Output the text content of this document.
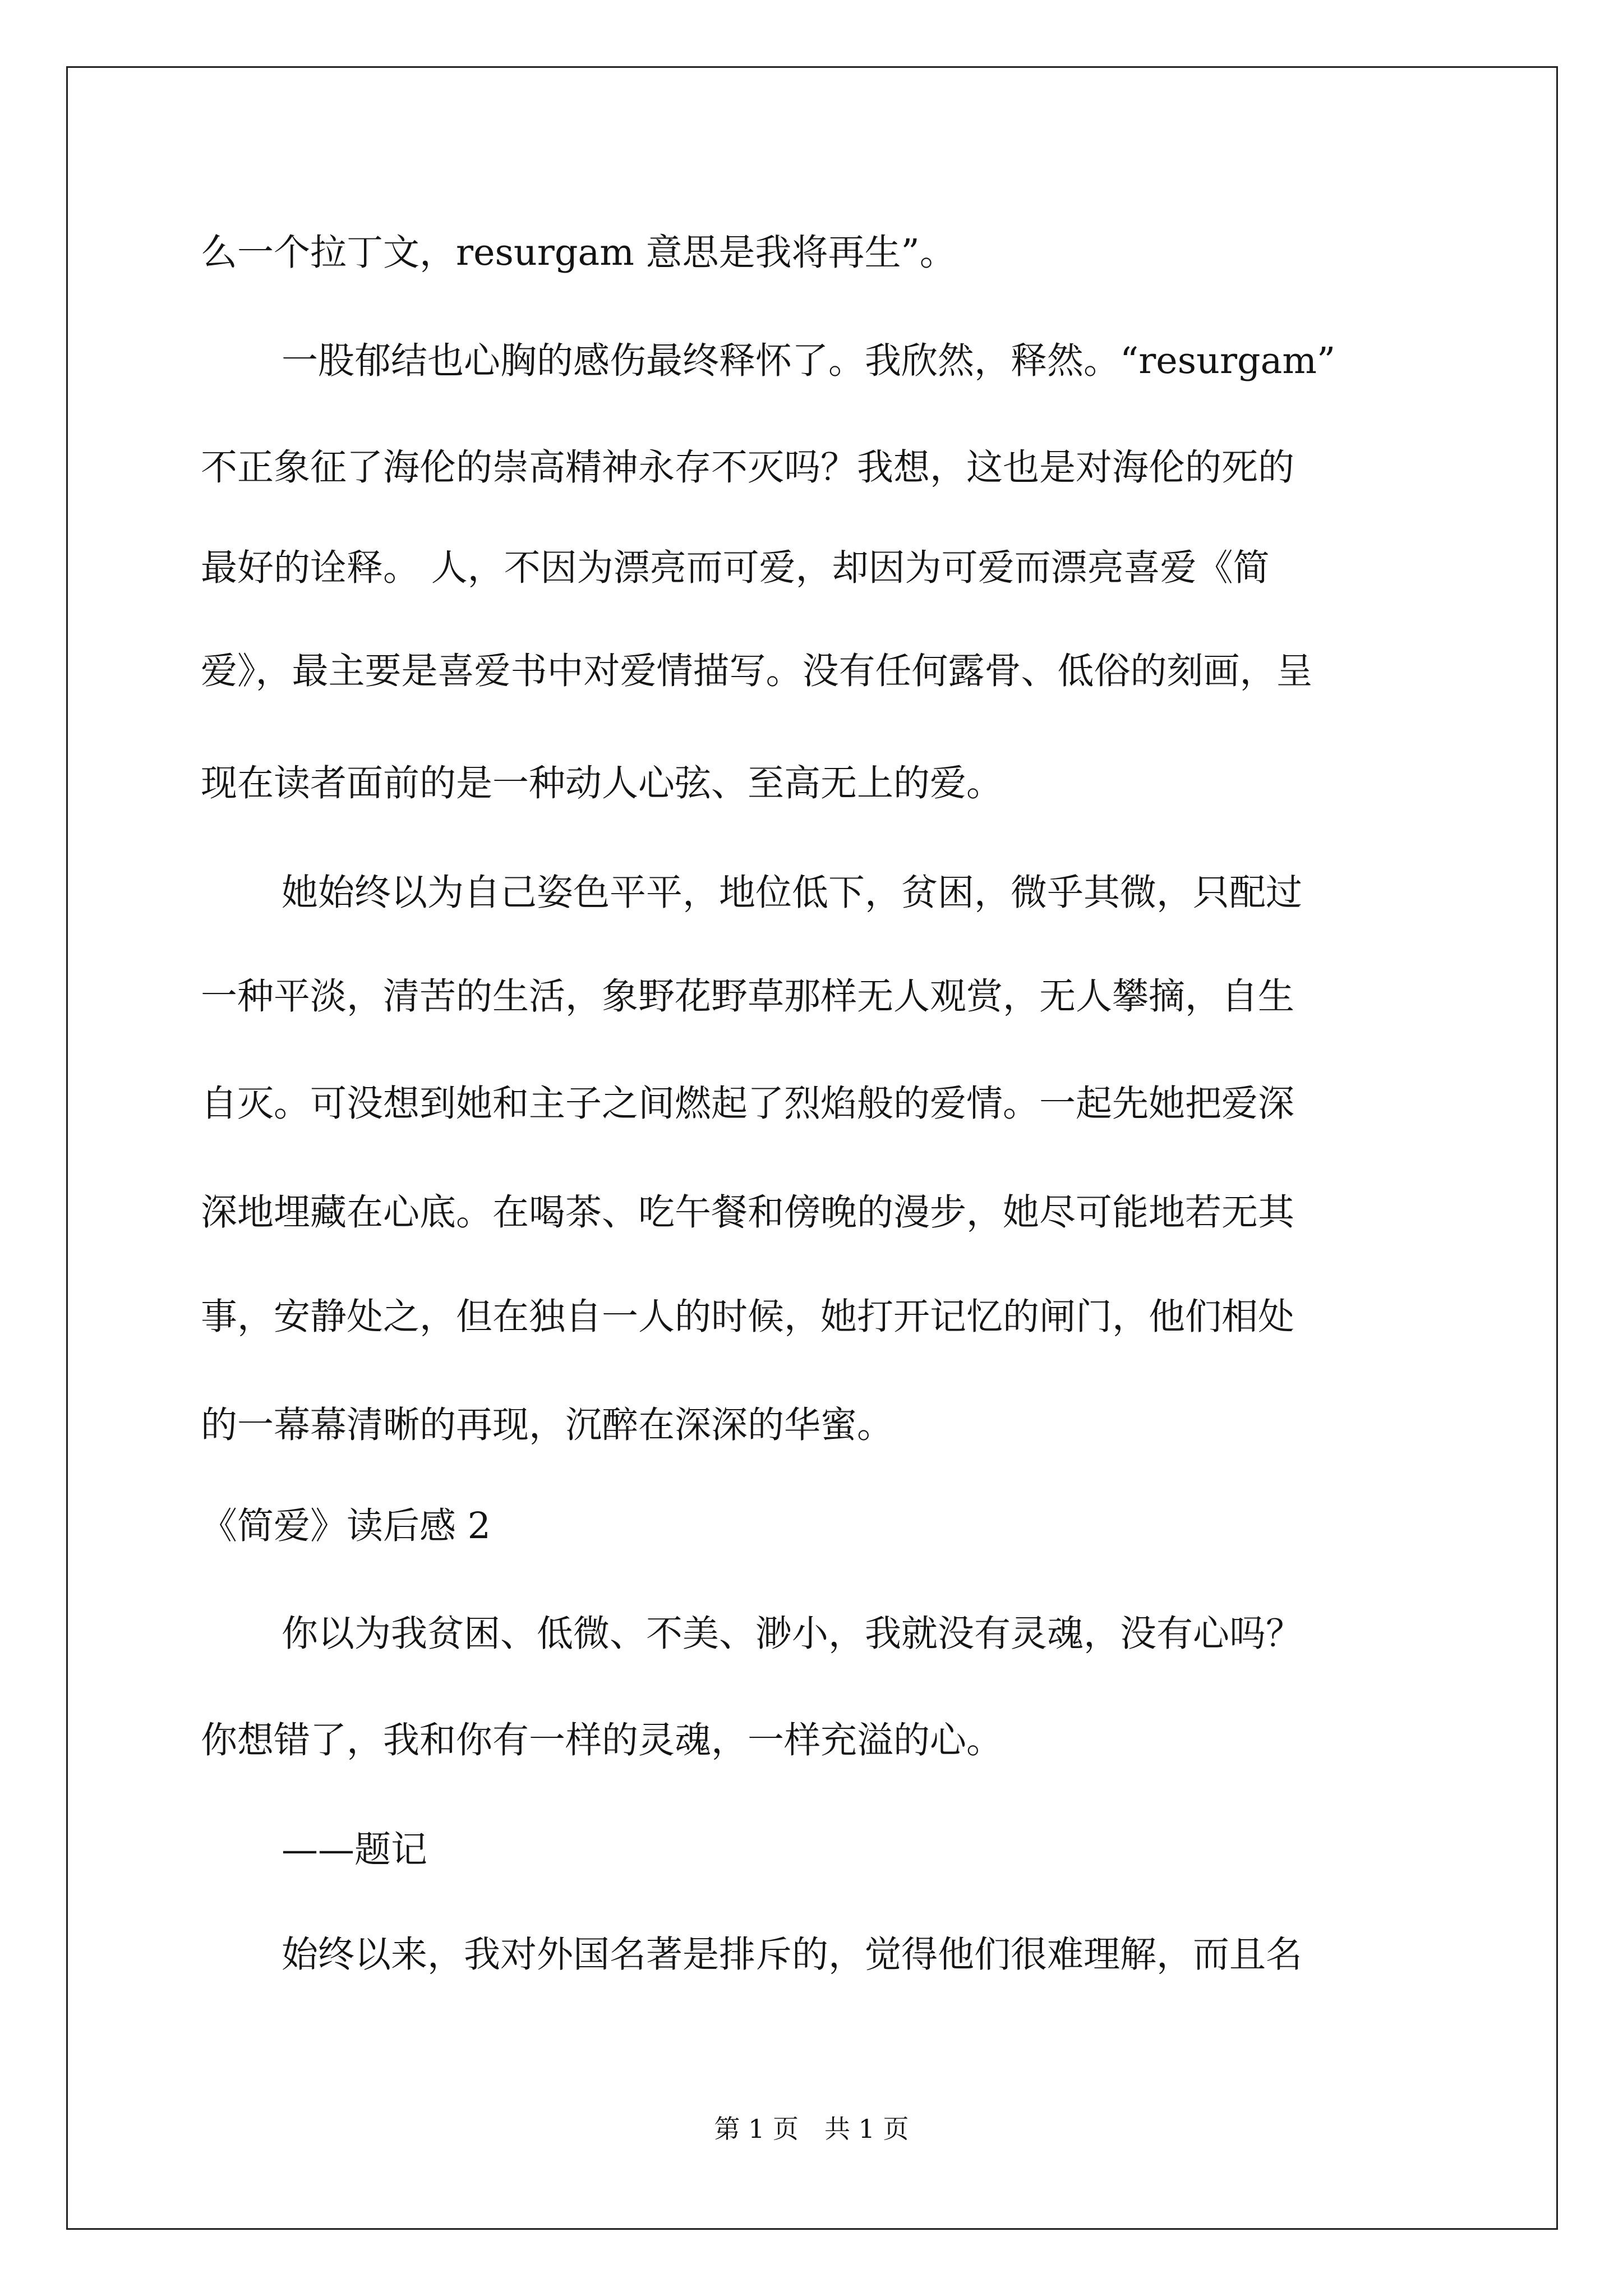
么一个拉丁文，resurgam 意思是我将再生”。
一股郁结也心胸的感伤最终释怀了。我欣然，释然。“resurgam”
不正象征了海伦的崇高精神永存不灭吗？我想，这也是对海伦的死的
最好的诠释。 人，不因为漂亮而可爱，却因为可爱而漂亮喜爱《简
爱》，最主要是喜爱书中对爱情描写。没有任何露骨、低俗的刻画，呈
现在读者面前的是一种动人心弦、至高无上的爱。
她始终以为自己姿色平平，地位低下，贫困，微乎其微，只配过
一种平淡，清苦的生活，象野花野草那样无人观赏，无人攀摘，自生
自灭。可没想到她和主子之间燃起了烈焰般的爱情。一起先她把爱深
深地埋藏在心底。在喝茶、吃午餐和傍晚的漫步，她尽可能地若无其
事，安静处之，但在独自一人的时候，她打开记忆的闸门，他们相处
的一幕幕清晰的再现，沉醉在深深的华蜜。
《简爱》读后感 2
你以为我贫困、低微、不美、渺小，我就没有灵魂，没有心吗？
你想错了，我和你有一样的灵魂，一样充溢的心。
——题记
始终以来，我对外国名著是排斥的，觉得他们很难理解，而且名
第 1 页　共 1 页
